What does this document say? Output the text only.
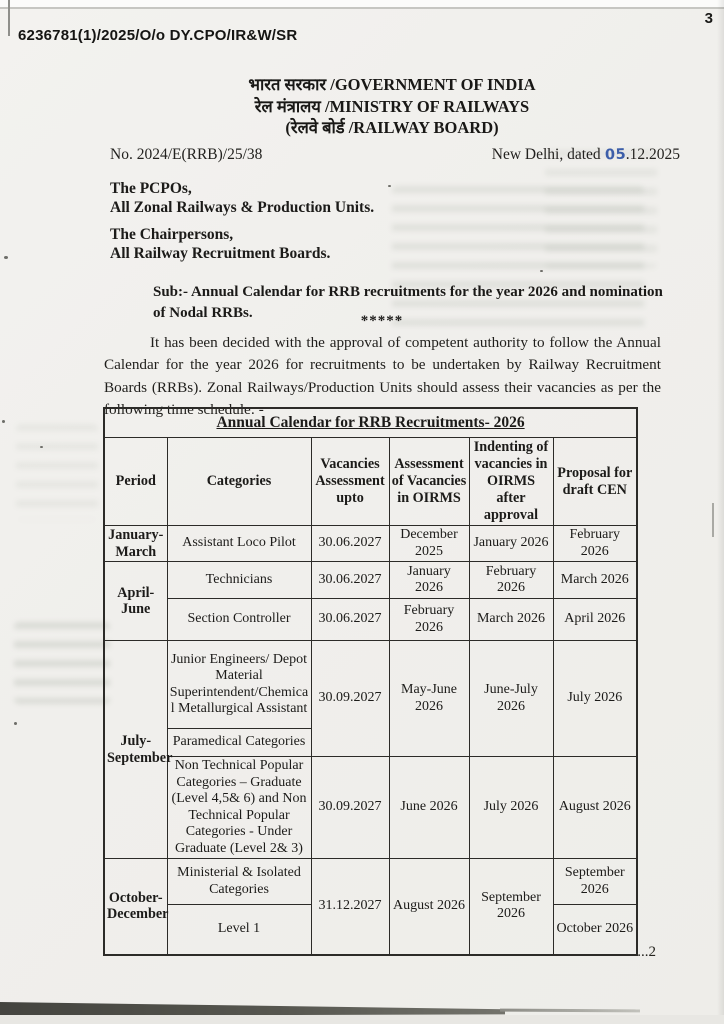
6236781(1)/2025/O/o DY.CPO/IR&W/SR
3
भारत सरकार /GOVERNMENT OF INDIA
रेल मंत्रालय /MINISTRY OF RAILWAYS
(रेलवे बोर्ड /RAILWAY BOARD)
No. 2024/E(RRB)/25/38	New Delhi, dated 05.12.2025
The PCPOs,
All Zonal Railways & Production Units.
The Chairpersons,
All Railway Recruitment Boards.
Sub:- Annual Calendar for RRB recruitments for the year 2026 and nomination of Nodal RRBs.	*****
It has been decided with the approval of competent authority to follow the Annual Calendar for the year 2026 for recruitments to be undertaken by Railway Recruitment Boards (RRBs). Zonal Railways/Production Units should assess their vacancies as per the following time schedule: -
Annual Calendar for RRB Recruitments- 2026					
Period	Categories	Vacancies Assessment upto	Assessment of Vacancies in OIRMS	Indenting of vacancies in OIRMS after approval	Proposal for draft CEN
January-March	Assistant Loco Pilot	30.06.2027	December 2025	January 2026	February 2026
April-June	Technicians	30.06.2027	January 2026	February 2026	March 2026
	Section Controller	30.06.2027	February 2026	March 2026	April 2026
July-September	Junior Engineers/ Depot Material Superintendent/Chemical Metallurgical Assistant	30.09.2027	May-June 2026	June-July 2026	July 2026
	Paramedical Categories				
	Non Technical Popular Categories – Graduate (Level 4,5& 6) and Non Technical Popular Categories - Under Graduate (Level 2& 3)	30.09.2027	June 2026	July 2026	August 2026
October-December	Ministerial & Isolated Categories	31.12.2027	August 2026	September 2026	September 2026
	Level 1				October 2026
...2
